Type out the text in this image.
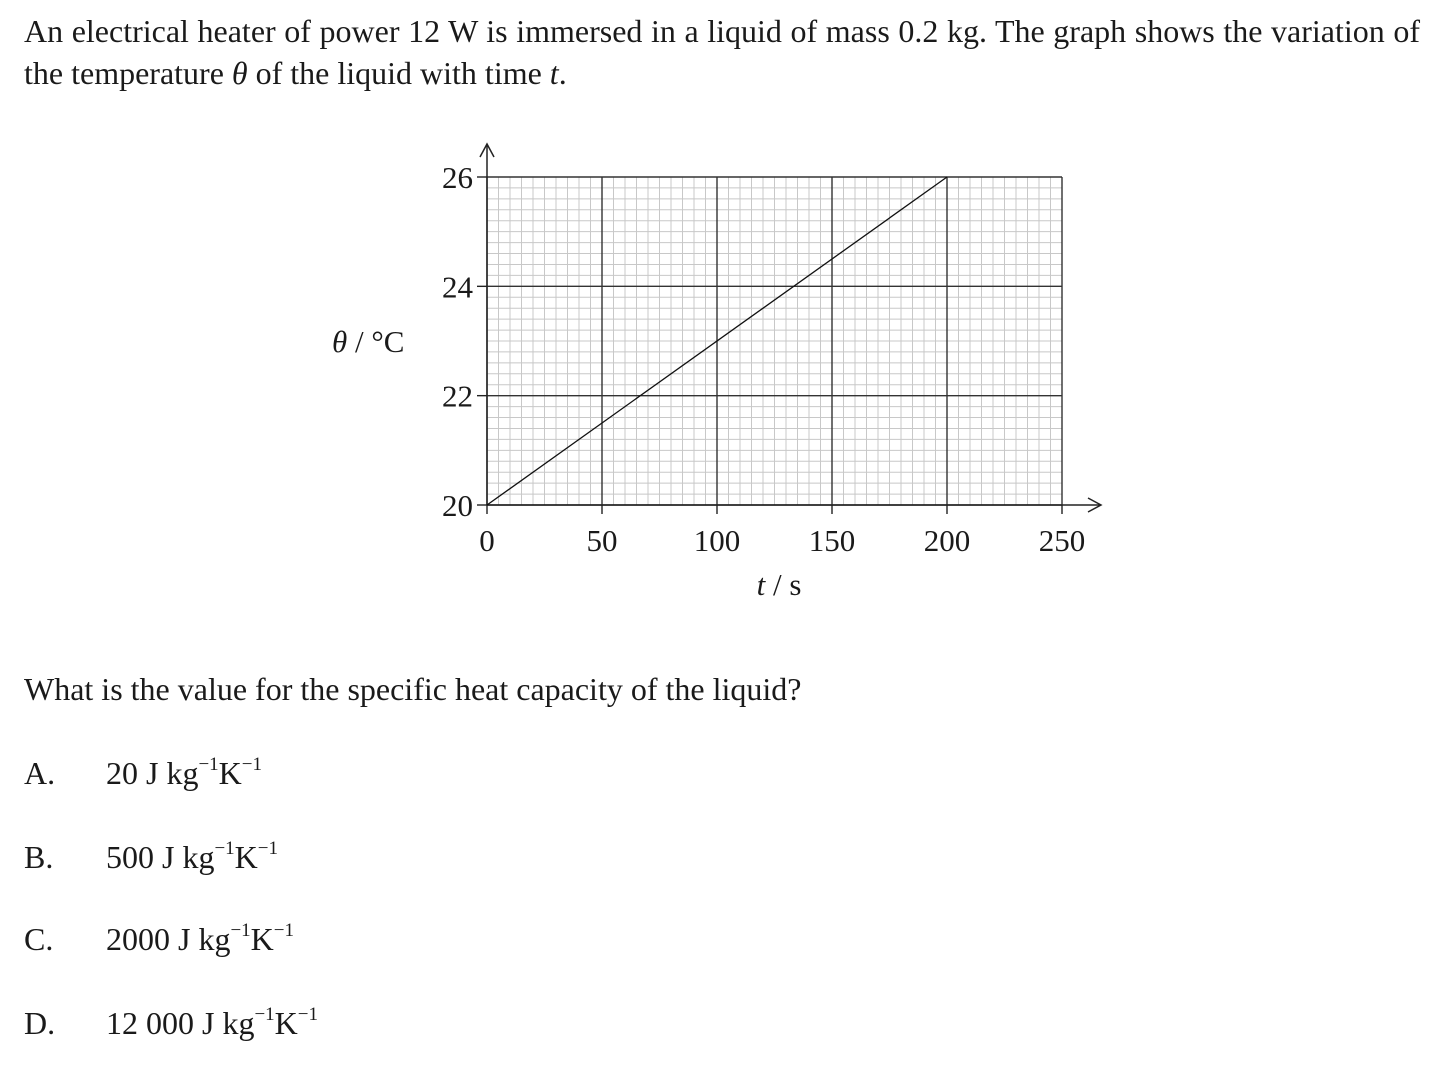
An electrical heater of power 12 W is immersed in a liquid of mass 0.2 kg. The graph shows the variation of the temperature θ of the liquid with time t.
20
22
24
26
0	50 100 150 200 250
θ / °C
t / s
What is the value for the specific heat capacity of the liquid?
A.	20 J $kg^{-1}K^{-1}$
B.	500 J $kg^{-1}K^{-1}$
C.	2000 J $kg^{-1}K^{-1}$
D.	12 000 J $kg^{-1}K^{-1}$
